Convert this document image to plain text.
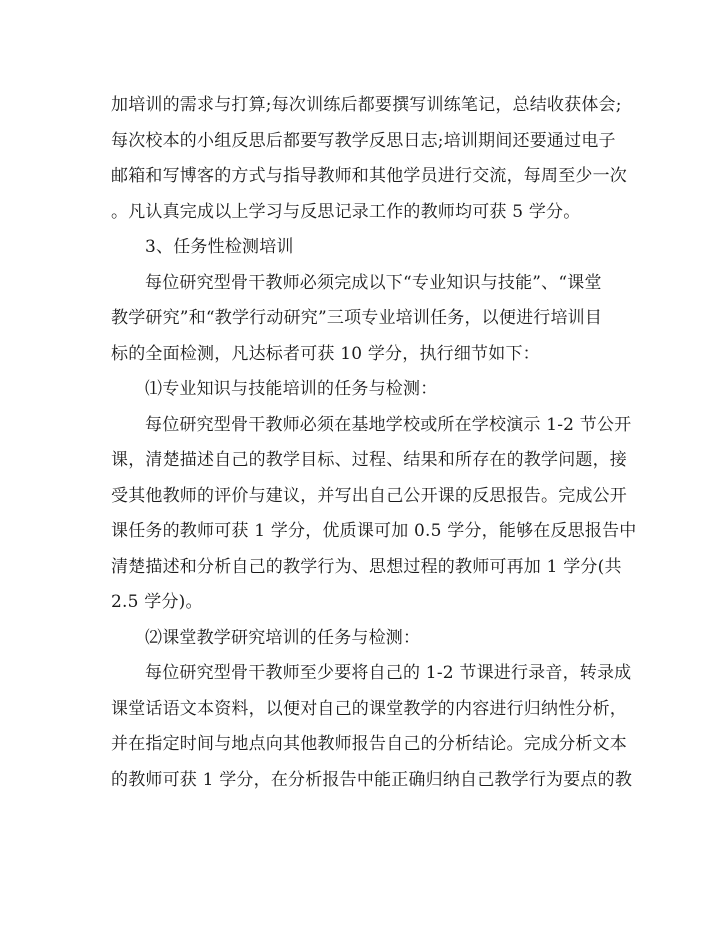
加培训的需求与打算;每次训练后都要撰写训练笔记，总结收获体会;
每次校本的小组反思后都要写教学反思日志;培训期间还要通过电子
邮箱和写博客的方式与指导教师和其他学员进行交流，每周至少一次
。凡认真完成以上学习与反思记录工作的教师均可获 5 学分。
3、任务性检测培训
每位研究型骨干教师必须完成以下“专业知识与技能”、“课堂
教学研究”和“教学行动研究”三项专业培训任务，以便进行培训目
标的全面检测，凡达标者可获 10 学分，执行细节如下：
⑴专业知识与技能培训的任务与检测：
每位研究型骨干教师必须在基地学校或所在学校演示 1-2 节公开
课，清楚描述自己的教学目标、过程、结果和所存在的教学问题，接
受其他教师的评价与建议，并写出自己公开课的反思报告。完成公开
课任务的教师可获 1 学分，优质课可加 0.5 学分，能够在反思报告中
清楚描述和分析自己的教学行为、思想过程的教师可再加 1 学分(共
2.5 学分)。
⑵课堂教学研究培训的任务与检测：
每位研究型骨干教师至少要将自己的 1-2 节课进行录音，转录成
课堂话语文本资料，以便对自己的课堂教学的内容进行归纳性分析，
并在指定时间与地点向其他教师报告自己的分析结论。完成分析文本
的教师可获 1 学分，在分析报告中能正确归纳自己教学行为要点的教
